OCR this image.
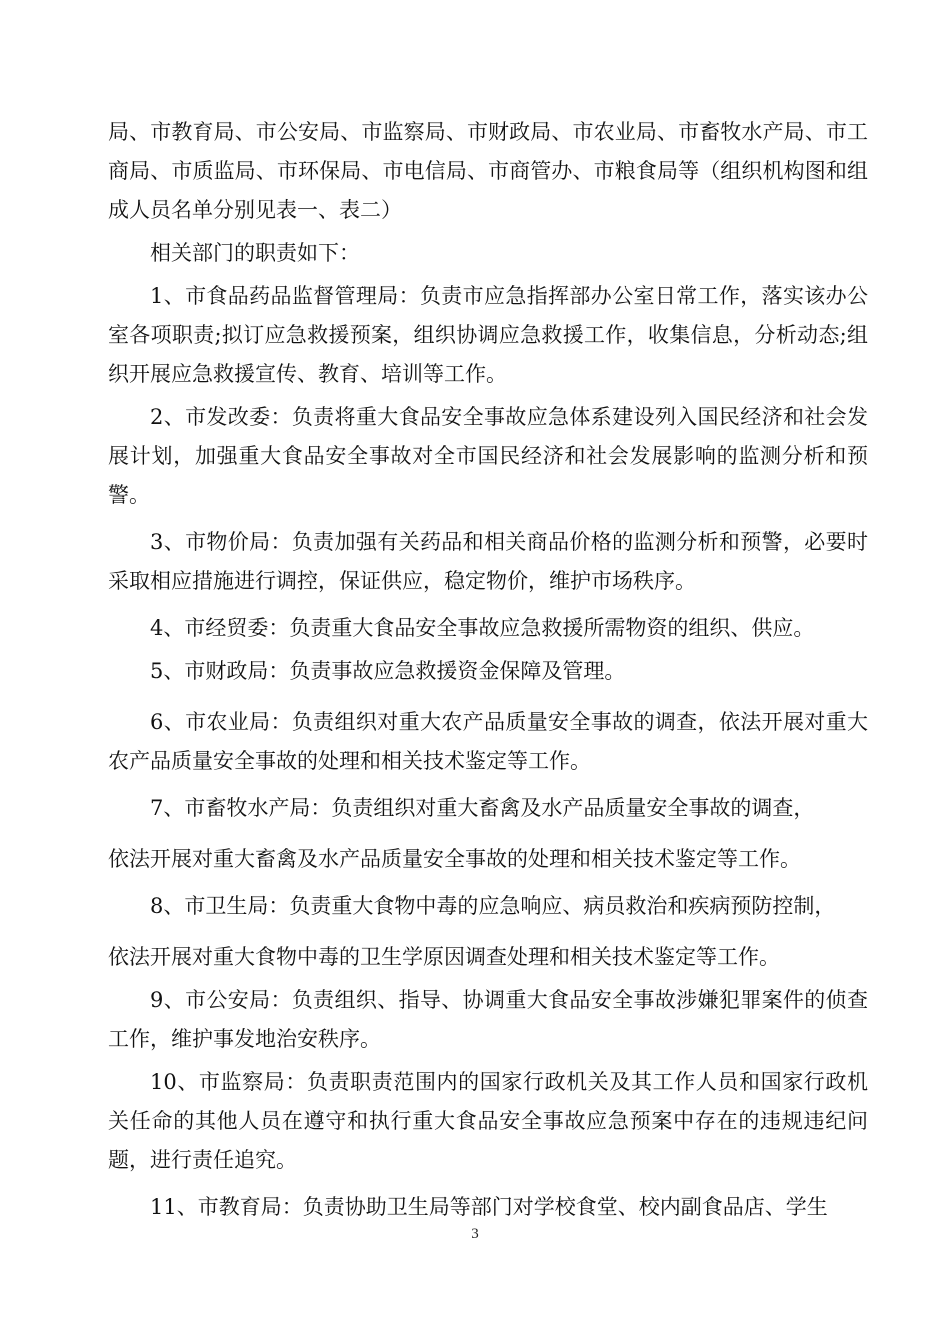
局、市教育局、市公安局、市监察局、市财政局、市农业局、市畜牧水产局、市工商局、市质监局、市环保局、市电信局、市商管办、市粮食局等（组织机构图和组成人员名单分别见表一、表二）

相关部门的职责如下：

1、市食品药品监督管理局：负责市应急指挥部办公室日常工作，落实该办公室各项职责;拟订应急救援预案，组织协调应急救援工作，收集信息，分析动态;组织开展应急救援宣传、教育、培训等工作。

2、市发改委：负责将重大食品安全事故应急体系建设列入国民经济和社会发展计划，加强重大食品安全事故对全市国民经济和社会发展影响的监测分析和预警。

3、市物价局：负责加强有关药品和相关商品价格的监测分析和预警，必要时采取相应措施进行调控，保证供应，稳定物价，维护市场秩序。

4、市经贸委：负责重大食品安全事故应急救援所需物资的组织、供应。

5、市财政局：负责事故应急救援资金保障及管理。

6、市农业局：负责组织对重大农产品质量安全事故的调查，依法开展对重大农产品质量安全事故的处理和相关技术鉴定等工作。

7、市畜牧水产局：负责组织对重大畜禽及水产品质量安全事故的调查，

依法开展对重大畜禽及水产品质量安全事故的处理和相关技术鉴定等工作。

8、市卫生局：负责重大食物中毒的应急响应、病员救治和疾病预防控制，

依法开展对重大食物中毒的卫生学原因调查处理和相关技术鉴定等工作。

9、市公安局：负责组织、指导、协调重大食品安全事故涉嫌犯罪案件的侦查工作，维护事发地治安秩序。

10、市监察局：负责职责范围内的国家行政机关及其工作人员和国家行政机关任命的其他人员在遵守和执行重大食品安全事故应急预案中存在的违规违纪问题，进行责任追究。

11、市教育局：负责协助卫生局等部门对学校食堂、校内副食品店、学生

3
